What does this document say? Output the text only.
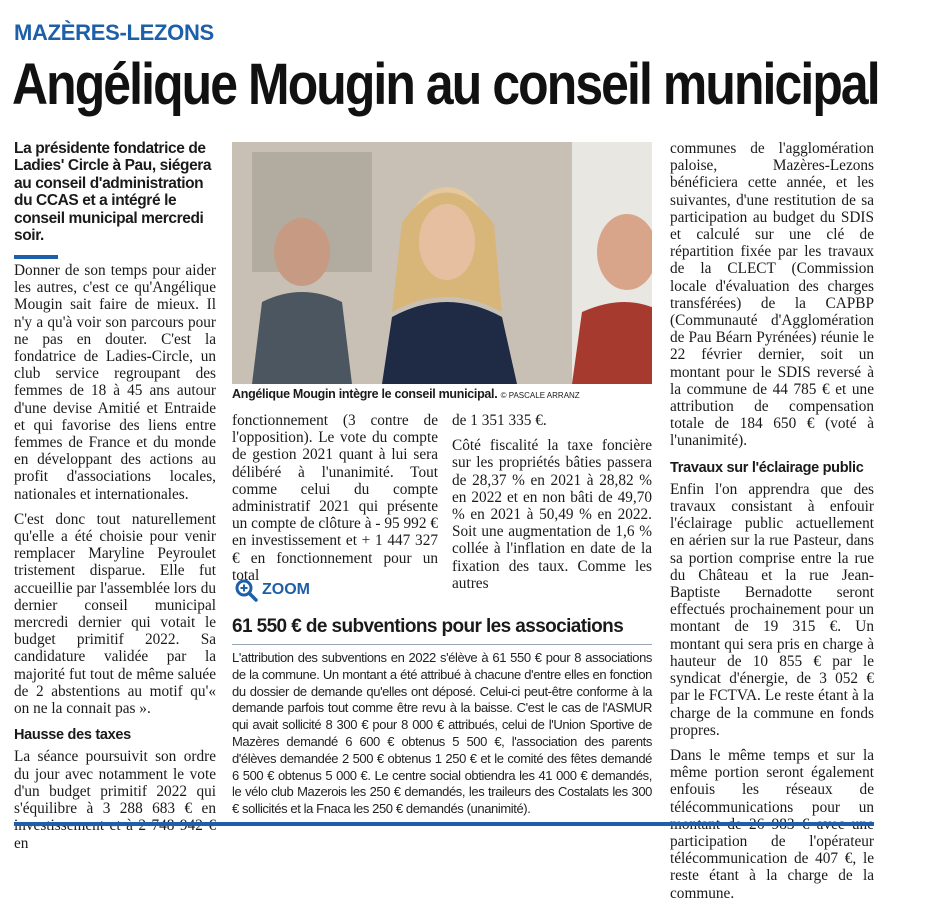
MAZÈRES-LEZONS
Angélique Mougin au conseil municipal
La présidente fondatrice de Ladies' Circle à Pau, siégera au conseil d'administration du CCAS et a intégré le conseil municipal mercredi soir.

Donner de son temps pour aider les autres, c'est ce qu'Angélique Mougin sait faire de mieux. Il n'y a qu'à voir son parcours pour ne pas en douter. C'est la fondatrice de Ladies-Circle, un club service regroupant des femmes de 18 à 45 ans autour d'une devise Amitié et Entraide et qui favorise des liens entre femmes de France et du monde en développant des actions au profit d'associations locales, nationales et internationales.

C'est donc tout naturellement qu'elle a été choisie pour venir remplacer Maryline Peyroulet tristement disparue. Elle fut accueillie par l'assemblée lors du dernier conseil municipal mercredi dernier qui votait le budget primitif 2022. Sa candidature validée par la majorité fut tout de même saluée de 2 abstentions au motif qu'« on ne la connait pas ».

Hausse des taxes

La séance poursuivit son ordre du jour avec notamment le vote d'un budget primitif 2022 qui s'équilibre à 3 288 683 € en en

Angélique Mougin intègre le conseil municipal. © PASCALE ARRANZ

fonctionnement (3 contre de l'opposition). Le vote du compte de gestion 2021 quant à lui sera délibéré à l'unanimité. Tout comme celui du compte administratif 2021 qui présente un compte de clôture à - 95 992 € en investissement et + 1 447 327 € en fonctionnement pour un total

de 1 351 335 €.

Côté fiscalité la taxe foncière sur les propriétés bâties passera de 28,37 % en 2021 à 28,82 % en 2022 et en non bâti de 49,70 % en 2021 à 50,49 % en 2022. Soit une augmentation de 1,6 % collée à l'inflation en date de la fixation des taux. Comme les autres

ZOOM
61 550 € de subventions pour les associations
L'attribution des subventions en 2022 s'élève à 61 550 € pour 8 associations de la commune. Un montant a été attribué à chacune d'entre elles en fonction du dossier de demande qu'elles ont déposé. Celui-ci peut-être conforme à la demande parfois tout comme être revu à la baisse. C'est le cas de l'ASMUR qui avait sollicité 8 300 € pour 8 000 € attribués, celui de l'Union Sportive de Mazères demandé 6 600 € obtenus 5 500 €, l'association des parents d'élèves demandée 2 500 € obtenus 1 250 € et le comité des fêtes demandé 6 500 € obtenus 5 000 €. Le centre social obtiendra les 41 000 € demandés, le vélo club Mazerois les 250 € demandés, les traileurs des Costalats les 300 € sollicités et la Fnaca les 250 € demandés (unanimité).

communes de l'agglomération paloise, Mazères-Lezons bénéficiera cette année, et les suivantes, d'une restitution de sa participation au budget du SDIS et calculé sur une clé de répartition fixée par les travaux de la CLECT (Commission locale d'évaluation des charges transférées) de la CAPBP (Communauté d'Agglomération de Pau Béarn Pyrénées) réunie le 22 février dernier, soit un montant pour le SDIS reversé à la commune de 44 785 € et une attribution de compensation totale de 184 650 € (voté à l'unanimité).

Travaux sur l'éclairage public

Enfin l'on apprendra que des travaux consistant à enfouir l'éclairage public actuellement en aérien sur la rue Pasteur, dans sa portion comprise entre la rue du Château et la rue Jean-Baptiste Bernadotte seront effectués prochainement pour un montant de 19 315 €. Un montant qui sera pris en charge à hauteur de 10 855 € par le syndicat d'énergie, de 3 052 € par le FCTVA. Le reste étant à la charge de la commune en fonds propres.

Dans le même temps et sur la même portion seront également enfouis les réseaux de télécommunications pour un participation de l'opérateur télécommunication de 407 €, le reste étant à la charge de la commune.
